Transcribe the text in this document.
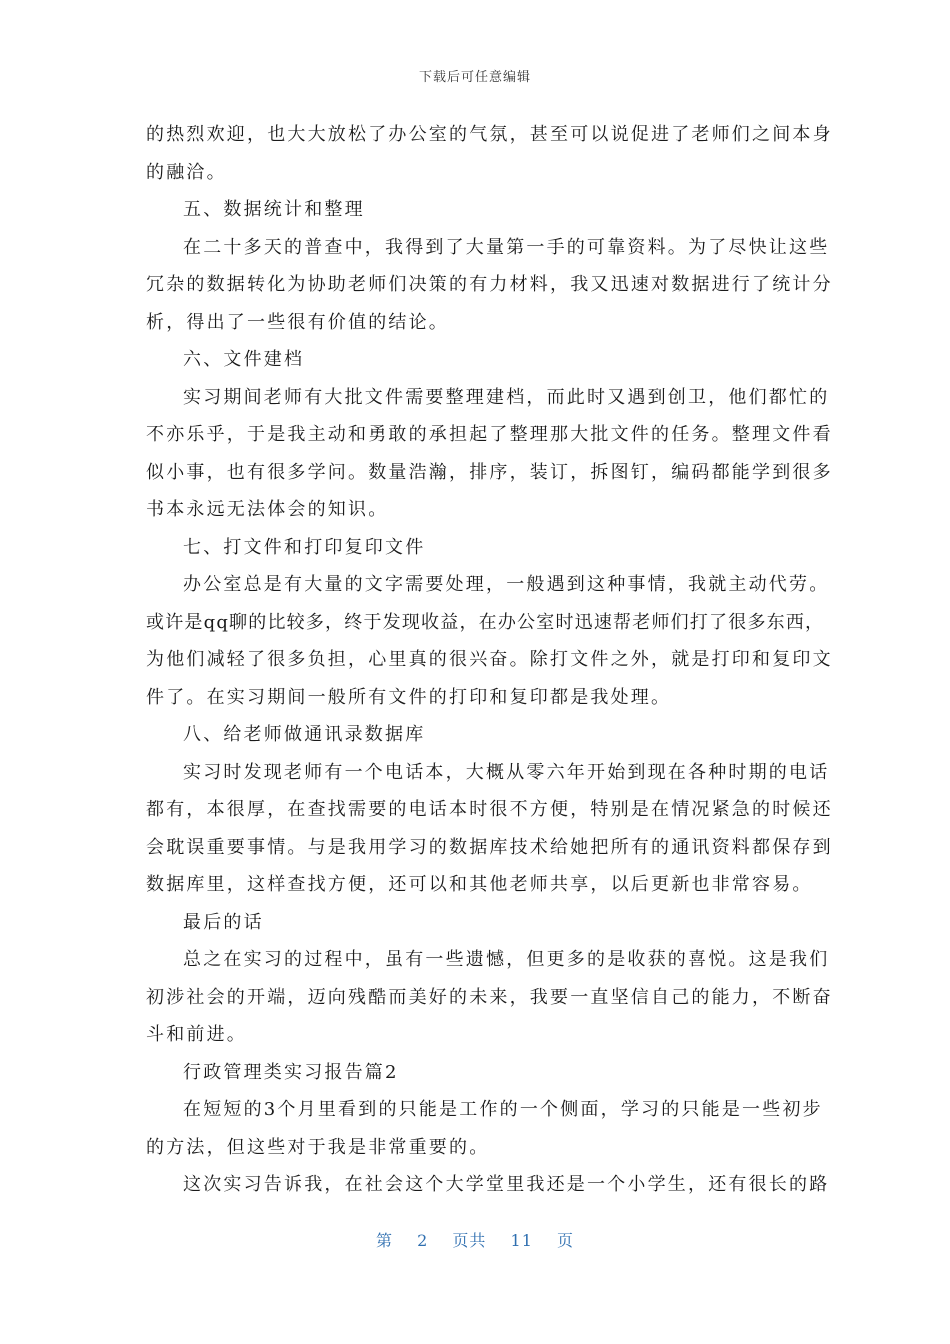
下载后可任意编辑
的热烈欢迎，也大大放松了办公室的气氛，甚至可以说促进了老师们之间本身
的融洽。
五、数据统计和整理
在二十多天的普查中，我得到了大量第一手的可靠资料。为了尽快让这些
冗杂的数据转化为协助老师们决策的有力材料，我又迅速对数据进行了统计分
析，得出了一些很有价值的结论。
六、文件建档
实习期间老师有大批文件需要整理建档，而此时又遇到创卫，他们都忙的
不亦乐乎，于是我主动和勇敢的承担起了整理那大批文件的任务。整理文件看
似小事，也有很多学问。数量浩瀚，排序，装订，拆图钉，编码都能学到很多
书本永远无法体会的知识。
七、打文件和打印复印文件
办公室总是有大量的文字需要处理，一般遇到这种事情，我就主动代劳。
或许是qq聊的比较多，终于发现收益，在办公室时迅速帮老师们打了很多东西，
为他们减轻了很多负担，心里真的很兴奋。除打文件之外，就是打印和复印文
件了。在实习期间一般所有文件的打印和复印都是我处理。
八、给老师做通讯录数据库
实习时发现老师有一个电话本，大概从零六年开始到现在各种时期的电话
都有，本很厚，在查找需要的电话本时很不方便，特别是在情况紧急的时候还
会耽误重要事情。与是我用学习的数据库技术给她把所有的通讯资料都保存到
数据库里，这样查找方便，还可以和其他老师共享，以后更新也非常容易。
最后的话
总之在实习的过程中，虽有一些遗憾，但更多的是收获的喜悦。这是我们
初涉社会的开端，迈向残酷而美好的未来，我要一直坚信自己的能力，不断奋
斗和前进。
行政管理类实习报告篇2
在短短的3个月里看到的只能是工作的一个侧面，学习的只能是一些初步
的方法，但这些对于我是非常重要的。
这次实习告诉我，在社会这个大学堂里我还是一个小学生，还有很长的路
第 2 页共 11 页
